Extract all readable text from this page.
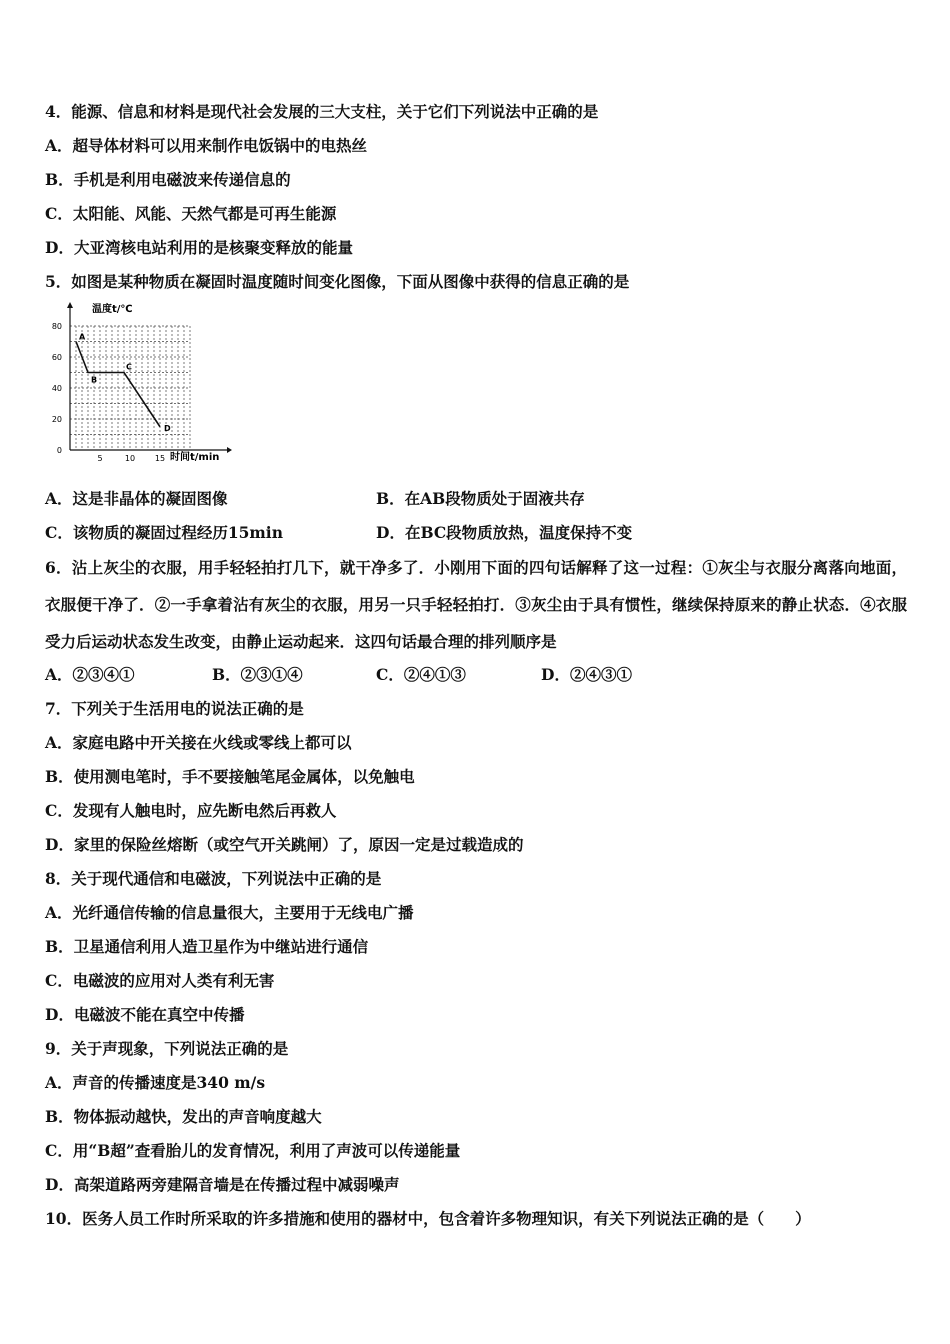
4．能源、信息和材料是现代社会发展的三大支柱，关于它们下列说法中正确的是
A．超导体材料可以用来制作电饭锅中的电热丝
B．手机是利用电磁波来传递信息的
C．太阳能、风能、天然气都是可再生能源
D．大亚湾核电站利用的是核聚变释放的能量
5．如图是某种物质在凝固时温度随时间变化图像，下面从图像中获得的信息正确的是
0
20
40
60
80
5	10 15
A
B
C
D
温度t/℃
时间t/min
A．这是非晶体的凝固图像	B．在AB段物质处于固液共存
C．该物质的凝固过程经历15min	D．在BC段物质放热，温度保持不变
6．沾上灰尘的衣服，用手轻轻拍打几下，就干净多了．小刚用下面的四句话解释了这一过程：①灰尘与衣服分离落向地面，衣服便干净了．②一手拿着沾有灰尘的衣服，用另一只手轻轻拍打．③灰尘由于具有惯性，继续保持原来的静止状态．④衣服受力后运动状态发生改变，由静止运动起来．这四句话最合理的排列顺序是
A．②③④①	B．②③①④	C．②④①③	D．②④③①
7．下列关于生活用电的说法正确的是
A．家庭电路中开关接在火线或零线上都可以
B．使用测电笔时，手不要接触笔尾金属体，以免触电
C．发现有人触电时，应先断电然后再救人
D．家里的保险丝熔断（或空气开关跳闸）了，原因一定是过载造成的
8．关于现代通信和电磁波，下列说法中正确的是
A．光纤通信传输的信息量很大，主要用于无线电广播
B．卫星通信利用人造卫星作为中继站进行通信
C．电磁波的应用对人类有利无害
D．电磁波不能在真空中传播
9．关于声现象，下列说法正确的是
A．声音的传播速度是340 m/s
B．物体振动越快，发出的声音响度越大
C．用“B超”查看胎儿的发育情况，利用了声波可以传递能量
D．高架道路两旁建隔音墙是在传播过程中减弱噪声
10．医务人员工作时所采取的许多措施和使用的器材中，包含着许多物理知识，有关下列说法正确的是（　　）
